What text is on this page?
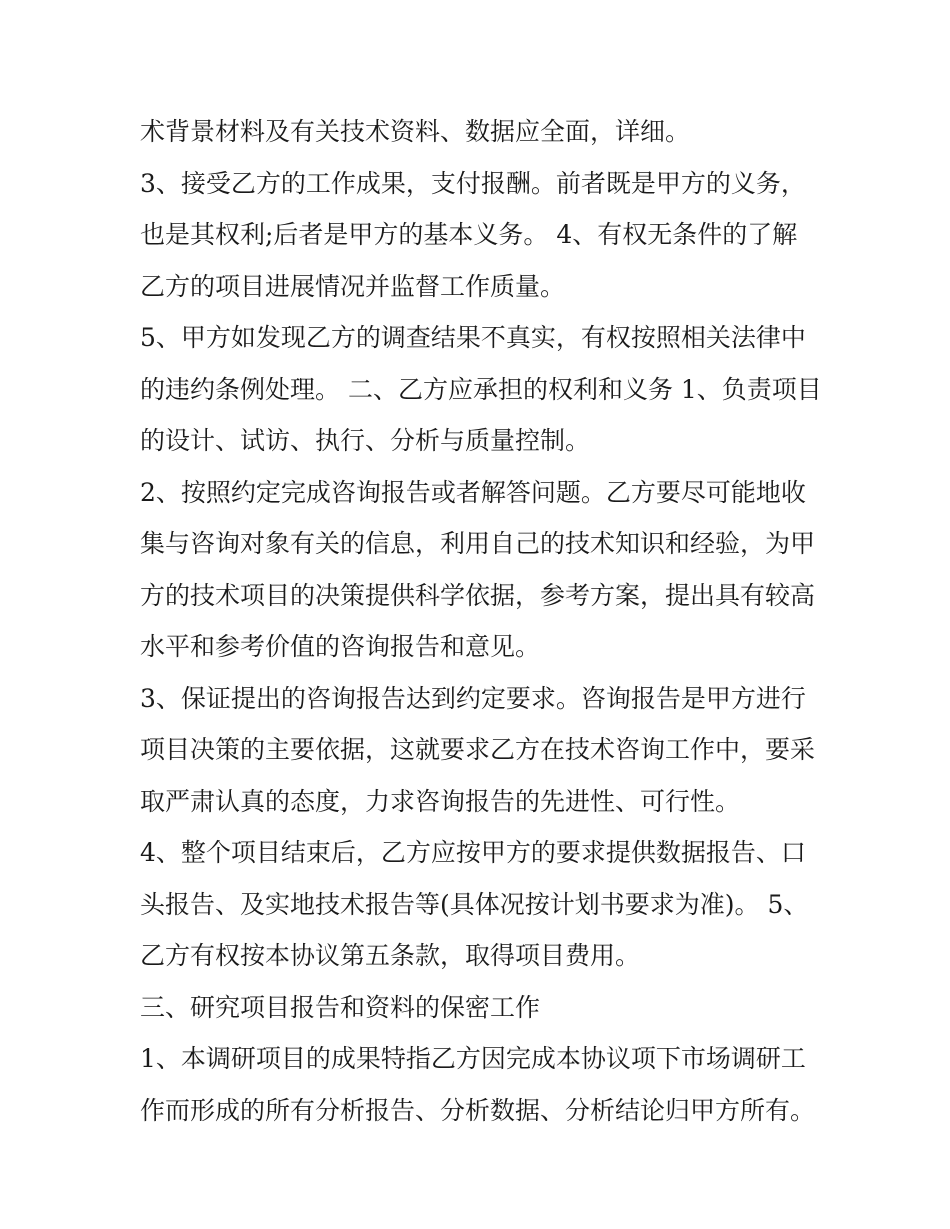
术背景材料及有关技术资料、数据应全面，详细。
3、接受乙方的工作成果，支付报酬。前者既是甲方的义务，
也是其权利;后者是甲方的基本义务。 4、有权无条件的了解
乙方的项目进展情况并监督工作质量。
5、甲方如发现乙方的调查结果不真实，有权按照相关法律中
的违约条例处理。 二、乙方应承担的权利和义务 1、负责项目
的设计、试访、执行、分析与质量控制。
2、按照约定完成咨询报告或者解答问题。乙方要尽可能地收
集与咨询对象有关的信息，利用自己的技术知识和经验，为甲
方的技术项目的决策提供科学依据，参考方案，提出具有较高
水平和参考价值的咨询报告和意见。
3、保证提出的咨询报告达到约定要求。咨询报告是甲方进行
项目决策的主要依据，这就要求乙方在技术咨询工作中，要采
取严肃认真的态度，力求咨询报告的先进性、可行性。
4、整个项目结束后，乙方应按甲方的要求提供数据报告、口
头报告、及实地技术报告等(具体况按计划书要求为准)。 5、
乙方有权按本协议第五条款，取得项目费用。
三、研究项目报告和资料的保密工作
1、本调研项目的成果特指乙方因完成本协议项下市场调研工
作而形成的所有分析报告、分析数据、分析结论归甲方所有。
